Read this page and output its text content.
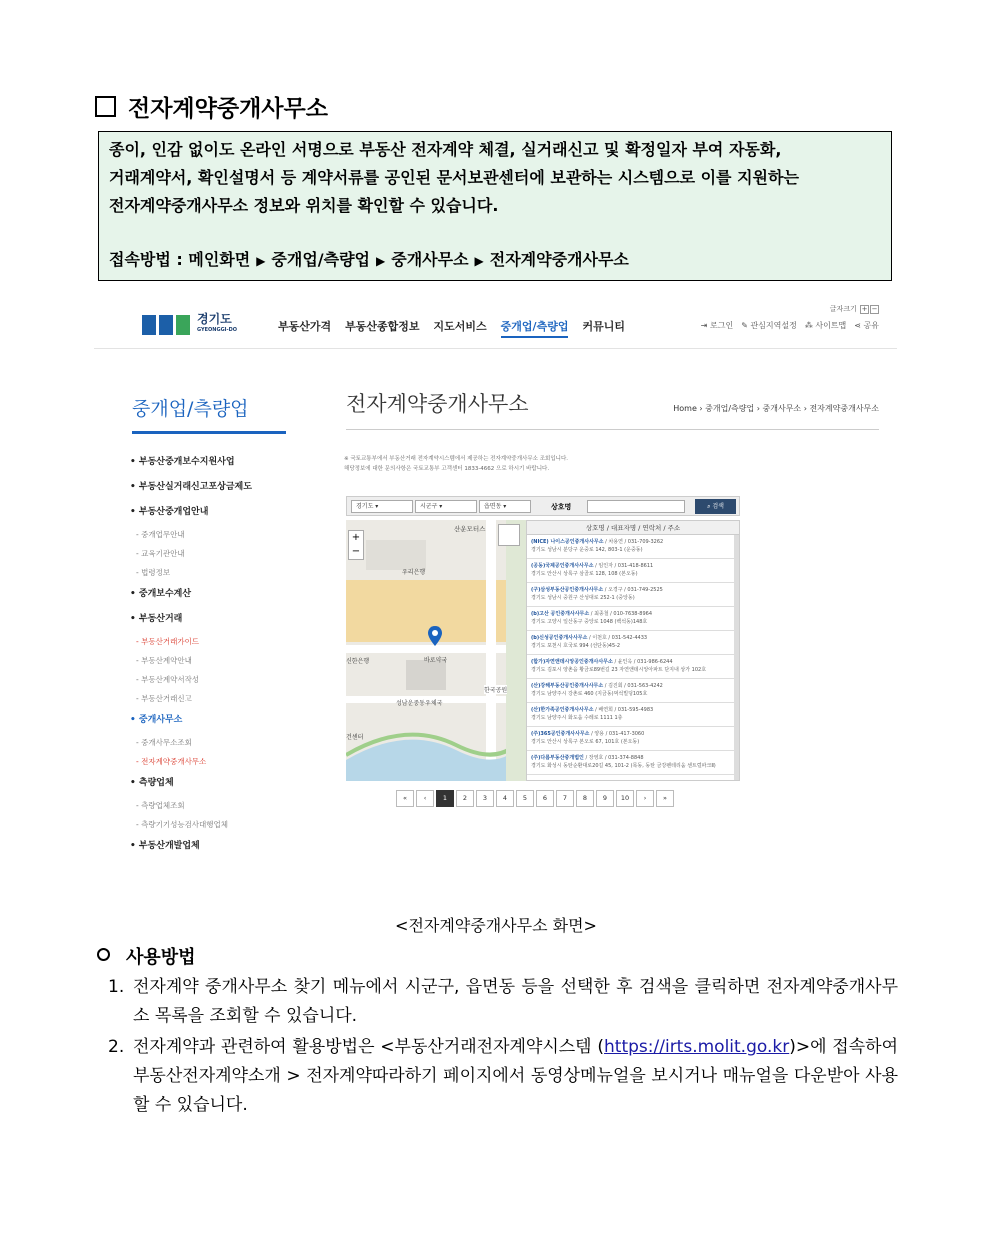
전자계약중개사무소

종이, 인감 없이도 온라인 서명으로 부동산 전자계약 체결, 실거래신고 및 확정일자 부여 자동화,

거래계약서, 확인설명서 등 계약서류를 공인된 문서보관센터에 보관하는 시스템으로 이를 지원하는

전자계약중개사무소 정보와 위치를 확인할 수 있습니다.

접속방법 : 메인화면 ▶ 중개업/측량업 ▶ 중개사무소 ▶ 전자계약중개사무소

경기도
GYEONGGI-DO	부동산가격 부동산종합정보 지도서비스 중개업/측량업 커뮤니티
글자크기 + −
⇥ 로그인 ✎ 관심지역설정 ⁂ 사이트맵 ⋖ 공유
중개업/측량업
• 부동산중개보수지원사업
• 부동산실거래신고포상금제도
• 부동산중개업안내
- 중개업무안내
- 교육기관안내
- 법령정보
• 중개보수계산
• 부동산거래
- 부동산거래가이드
- 부동산계약안내
- 부동산계약서작성
- 부동산거래신고
• 중개사무소
- 중개사무소조회
- 전자계약중개사무소
• 측량업체
- 측량업체조회
- 측량기기성능검사대행업체
• 부동산개발업체
전자계약중개사무소	Home › 중개업/측량업 › 중개사무소 › 전자계약중개사무소
※ 국토교통부에서 부동산거래 전자계약시스템에서 제공하는 전자계약중개사무소 조회입니다.
해당정보에 대한 문의사항은 국토교통부 고객센터 1833-4662 으로 하시기 바랍니다.
경기도 ▾	시군구 ▾	읍면동 ▾	상호명	⌕ 검색
+
−
산운모터스
우리은행
신한은행	바로약국
한국공원
성남운중동우체국
건센터
상호명 / 대표자명 / 연락처 / 주소
(NICE) 나이스공인중개사사무소 / 차용연 / 031-709-3262
경기도 성남시 분당구 운중로 142, 803-1 (운중동)
(공동)국제공인중개사사무소 / 임인자 / 031-418-8611
경기도 안산시 상록구 삼골로 128, 108 (본오동)
(구)삼성부동산공인중개사사무소 / 오경구 / 031-749-2525
경기도 성남시 중원구 산성대로 252-1 (중앙동)
(b)고산 공인중개사사무소 / 최종철 / 010-7638-8964
경기도 고양시 일산동구 중앙로 1048 (백석동)148호
(b)신성공인중개사사무소 / 이천호 / 031-542-4433
경기도 포천시 호국로 994 (선단동)45-2
(합가)자연앤데시앙공인중개사사무소 / 윤인옥 / 031-986-6244
경기도 김포시 양촌읍 황금로89번길 23 자연앤데시앙아파트 단지내 상가 102호
(산)강해부동산공인중개사사무소 / 김진회 / 031-563-4242
경기도 남양주시 강촌로 460 (지금동)먹석빌딩105호
(산)한가족공인중개사사무소 / 배연희 / 031-595-4983
경기도 남양주시 화도읍 수레로 1111 1층
(주)365공인중개사사무소 / 양용 / 031-417-3060
경기도 안산시 상록구 본오로 67, 101호 (본오동)
(주)다름부동산중개법인 / 장영호 / 031-374-8848
경기도 화성시 동탄순환대로20길 45, 101-2 (목동, 동탄 금강펜테리움 센트럴파크Ⅱ)
«	‹	1	2	3	4	5	6	7	8	9	10	›	»
<전자계약중개사무소 화면>
사용방법
1. 전자계약 중개사무소 찾기 메뉴에서 시군구, 읍면동 등을 선택한 후 검색을 클릭하면 전자계약중개사무소 목록을 조회할 수 있습니다.
2. 전자계약과 관련하여 활용방법은 <부동산거래전자계약시스템 (https://irts.molit.go.kr)>에 접속하여 부동산전자계약소개 > 전자계약따라하기 페이지에서 동영상메뉴얼을 보시거나 매뉴얼을 다운받아 사용할 수 있습니다.
